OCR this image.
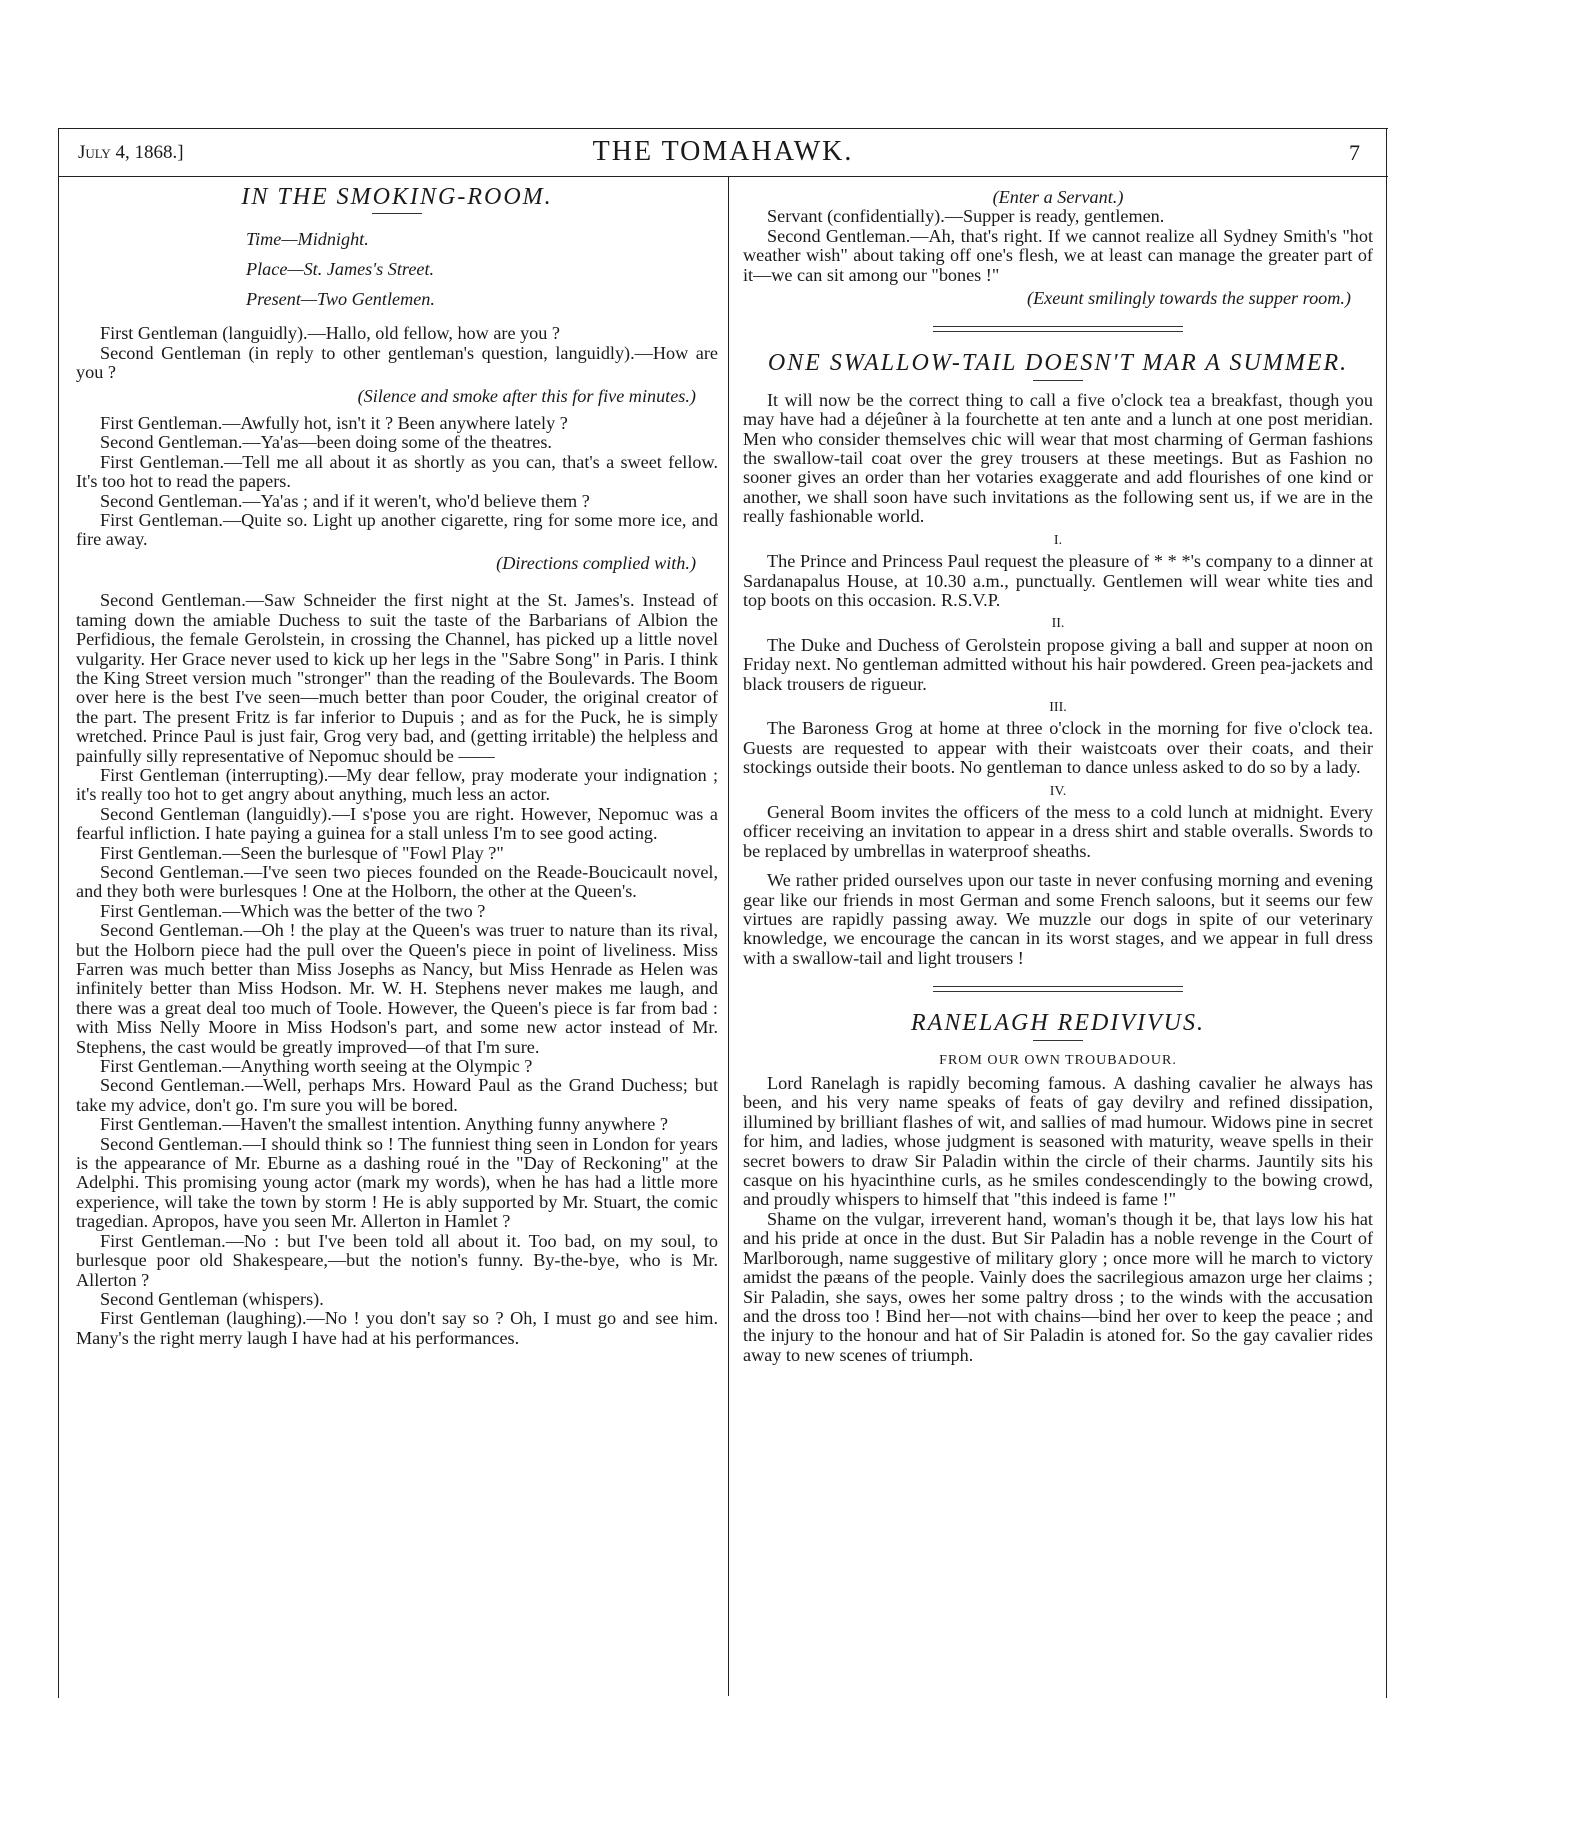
July 4, 1868.]	THE TOMAHAWK.	7

IN THE SMOKING-ROOM.

Time—Midnight.

Place—St. James's Street.

Present—Two Gentlemen.

First Gentleman (languidly).—Hallo, old fellow, how are you ?

Second Gentleman (in reply to other gentleman's question, languidly).—How are you ?

(Silence and smoke after this for five minutes.)

First Gentleman.—Awfully hot, isn't it ? Been anywhere lately ?

Second Gentleman.—Ya'as—been doing some of the theatres.

First Gentleman.—Tell me all about it as shortly as you can, that's a sweet fellow. It's too hot to read the papers.

Second Gentleman.—Ya'as ; and if it weren't, who'd believe them ?

First Gentleman.—Quite so. Light up another cigarette, ring for some more ice, and fire away.

(Directions complied with.)

Second Gentleman.—Saw Schneider the first night at the St. James's. Instead of taming down the amiable Duchess to suit the taste of the Barbarians of Albion the Perfidious, the female Gerolstein, in crossing the Channel, has picked up a little novel vulgarity. Her Grace never used to kick up her legs in the "Sabre Song" in Paris. I think the King Street version much "stronger" than the reading of the Boulevards. The Boom over here is the best I've seen—much better than poor Couder, the original creator of the part. The present Fritz is far inferior to Dupuis ; and as for the Puck, he is simply wretched. Prince Paul is just fair, Grog very bad, and (getting irritable) the helpless and painfully silly representative of Nepomuc should be ——

First Gentleman (interrupting).—My dear fellow, pray moderate your indignation ; it's really too hot to get angry about anything, much less an actor.

Second Gentleman (languidly).—I s'pose you are right. However, Nepomuc was a fearful infliction. I hate paying a guinea for a stall unless I'm to see good acting.

First Gentleman.—Seen the burlesque of "Fowl Play ?"

Second Gentleman.—I've seen two pieces founded on the Reade-Boucicault novel, and they both were burlesques ! One at the Holborn, the other at the Queen's.

First Gentleman.—Which was the better of the two ?

Second Gentleman.—Oh ! the play at the Queen's was truer to nature than its rival, but the Holborn piece had the pull over the Queen's piece in point of liveliness. Miss Farren was much better than Miss Josephs as Nancy, but Miss Henrade as Helen was infinitely better than Miss Hodson. Mr. W. H. Stephens never makes me laugh, and there was a great deal too much of Toole. However, the Queen's piece is far from bad : with Miss Nelly Moore in Miss Hodson's part, and some new actor instead of Mr. Stephens, the cast would be greatly improved—of that I'm sure.

First Gentleman.—Anything worth seeing at the Olympic ?

Second Gentleman.—Well, perhaps Mrs. Howard Paul as the Grand Duchess; but take my advice, don't go. I'm sure you will be bored.

First Gentleman.—Haven't the smallest intention. Anything funny anywhere ?

Second Gentleman.—I should think so ! The funniest thing seen in London for years is the appearance of Mr. Eburne as a dashing roué in the "Day of Reckoning" at the Adelphi. This promising young actor (mark my words), when he has had a little more experience, will take the town by storm ! He is ably supported by Mr. Stuart, the comic tragedian. Apropos, have you seen Mr. Allerton in Hamlet ?

First Gentleman.—No : but I've been told all about it. Too bad, on my soul, to burlesque poor old Shakespeare,—but the notion's funny. By-the-bye, who is Mr. Allerton ?

Second Gentleman (whispers).

First Gentleman (laughing).—No ! you don't say so ? Oh, I must go and see him. Many's the right merry laugh I have had at his performances.

(Enter a Servant.)

Servant (confidentially).—Supper is ready, gentlemen.

Second Gentleman.—Ah, that's right. If we cannot realize all Sydney Smith's "hot weather wish" about taking off one's flesh, we at least can manage the greater part of it—we can sit among our "bones !"

(Exeunt smilingly towards the supper room.)

ONE SWALLOW-TAIL DOESN'T MAR A SUMMER.

It will now be the correct thing to call a five o'clock tea a breakfast, though you may have had a déjeûner à la fourchette at ten ante and a lunch at one post meridian. Men who consider themselves chic will wear that most charming of German fashions the swallow-tail coat over the grey trousers at these meetings. But as Fashion no sooner gives an order than her votaries exaggerate and add flourishes of one kind or another, we shall soon have such invitations as the following sent us, if we are in the really fashionable world.

I.

The Prince and Princess Paul request the pleasure of * * *'s company to a dinner at Sardanapalus House, at 10.30 a.m., punctually. Gentlemen will wear white ties and top boots on this occasion. R.S.V.P.

II.

The Duke and Duchess of Gerolstein propose giving a ball and supper at noon on Friday next. No gentleman admitted without his hair powdered. Green pea-jackets and black trousers de rigueur.

III.

The Baroness Grog at home at three o'clock in the morning for five o'clock tea. Guests are requested to appear with their waistcoats over their coats, and their stockings outside their boots. No gentleman to dance unless asked to do so by a lady.

IV.

General Boom invites the officers of the mess to a cold lunch at midnight. Every officer receiving an invitation to appear in a dress shirt and stable overalls. Swords to be replaced by umbrellas in waterproof sheaths.

We rather prided ourselves upon our taste in never confusing morning and evening gear like our friends in most German and some French saloons, but it seems our few virtues are rapidly passing away. We muzzle our dogs in spite of our veterinary knowledge, we encourage the cancan in its worst stages, and we appear in full dress with a swallow-tail and light trousers !

RANELAGH REDIVIVUS.

FROM OUR OWN TROUBADOUR.

Lord Ranelagh is rapidly becoming famous. A dashing cavalier he always has been, and his very name speaks of feats of gay devilry and refined dissipation, illumined by brilliant flashes of wit, and sallies of mad humour. Widows pine in secret for him, and ladies, whose judgment is seasoned with maturity, weave spells in their secret bowers to draw Sir Paladin within the circle of their charms. Jauntily sits his casque on his hyacinthine curls, as he smiles condescendingly to the bowing crowd, and proudly whispers to himself that "this indeed is fame !"

Shame on the vulgar, irreverent hand, woman's though it be, that lays low his hat and his pride at once in the dust. But Sir Paladin has a noble revenge in the Court of Marlborough, name suggestive of military glory ; once more will he march to victory amidst the pæans of the people. Vainly does the sacrilegious amazon urge her claims ; Sir Paladin, she says, owes her some paltry dross ; to the winds with the accusation and the dross too ! Bind her—not with chains—bind her over to keep the peace ; and the injury to the honour and hat of Sir Paladin is atoned for. So the gay cavalier rides away to new scenes of triumph.
